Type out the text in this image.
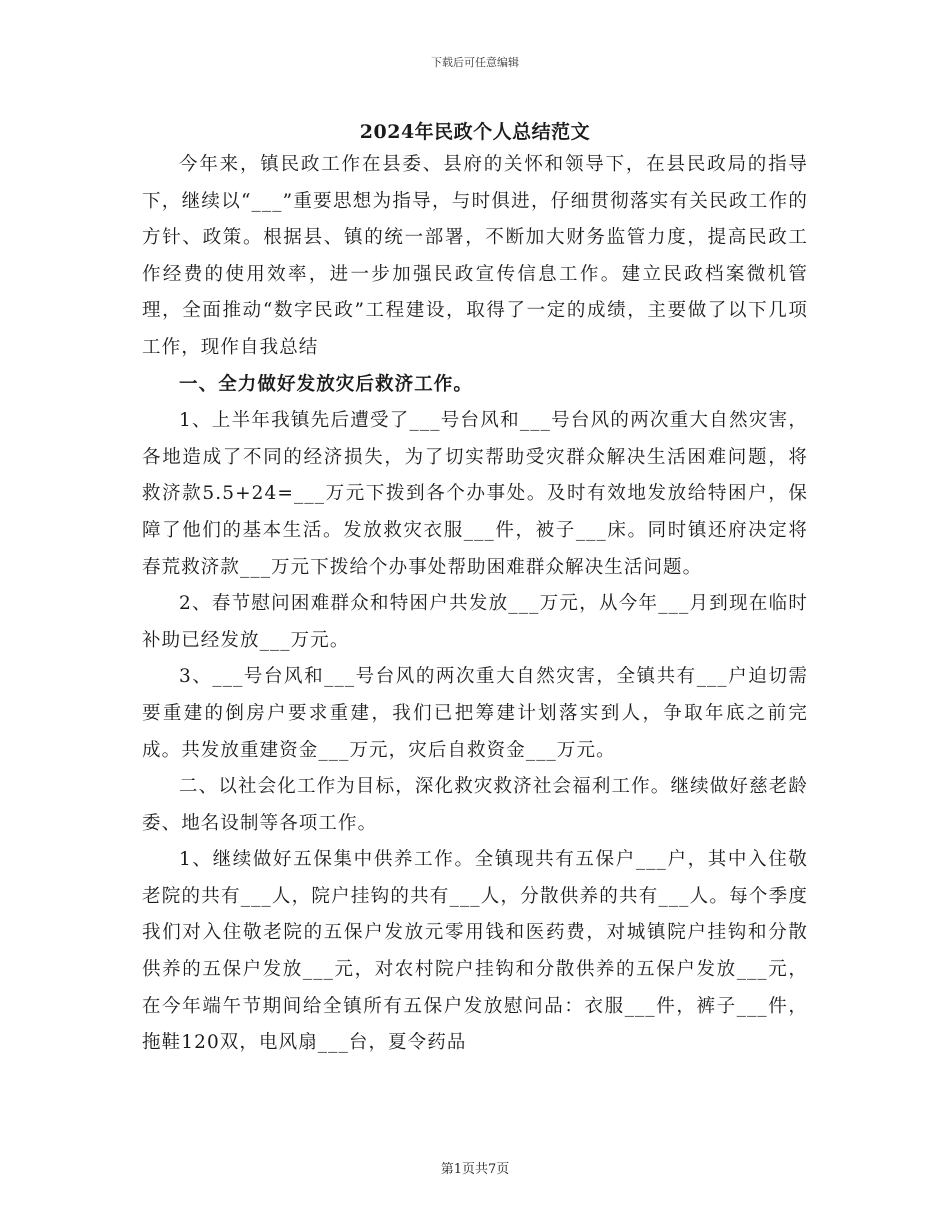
下载后可任意编辑
2024年民政个人总结范文

今年来，镇民政工作在县委、县府的关怀和领导下，在县民政局的指导下，继续以“___”重要思想为指导，与时俱进，仔细贯彻落实有关民政工作的方针、政策。根据县、镇的统一部署，不断加大财务监管力度，提高民政工作经费的使用效率，进一步加强民政宣传信息工作。建立民政档案微机管理，全面推动“数字民政”工程建设，取得了一定的成绩，主要做了以下几项工作，现作自我总结

一、全力做好发放灾后救济工作。

1、上半年我镇先后遭受了___号台风和___号台风的两次重大自然灾害，各地造成了不同的经济损失，为了切实帮助受灾群众解决生活困难问题，将救济款5.5+24=___万元下拨到各个办事处。及时有效地发放给特困户，保障了他们的基本生活。发放救灾衣服___件，被子___床。同时镇还府决定将春荒救济款___万元下拨给个办事处帮助困难群众解决生活问题。

2、春节慰问困难群众和特困户共发放___万元，从今年___月到现在临时补助已经发放___万元。

3、___号台风和___号台风的两次重大自然灾害，全镇共有___户迫切需要重建的倒房户要求重建，我们已把筹建计划落实到人，争取年底之前完成。共发放重建资金___万元，灾后自救资金___万元。

二、以社会化工作为目标，深化救灾救济社会福利工作。继续做好慈老龄委、地名设制等各项工作。

1、继续做好五保集中供养工作。全镇现共有五保户___户，其中入住敬老院的共有___人，院户挂钩的共有___人，分散供养的共有___人。每个季度我们对入住敬老院的五保户发放元零用钱和医药费，对城镇院户挂钩和分散供养的五保户发放___元，对农村院户挂钩和分散供养的五保户发放___元，在今年端午节期间给全镇所有五保户发放慰问品：衣服___件，裤子___件，拖鞋120双，电风扇___台，夏令药品

第1页共7页
